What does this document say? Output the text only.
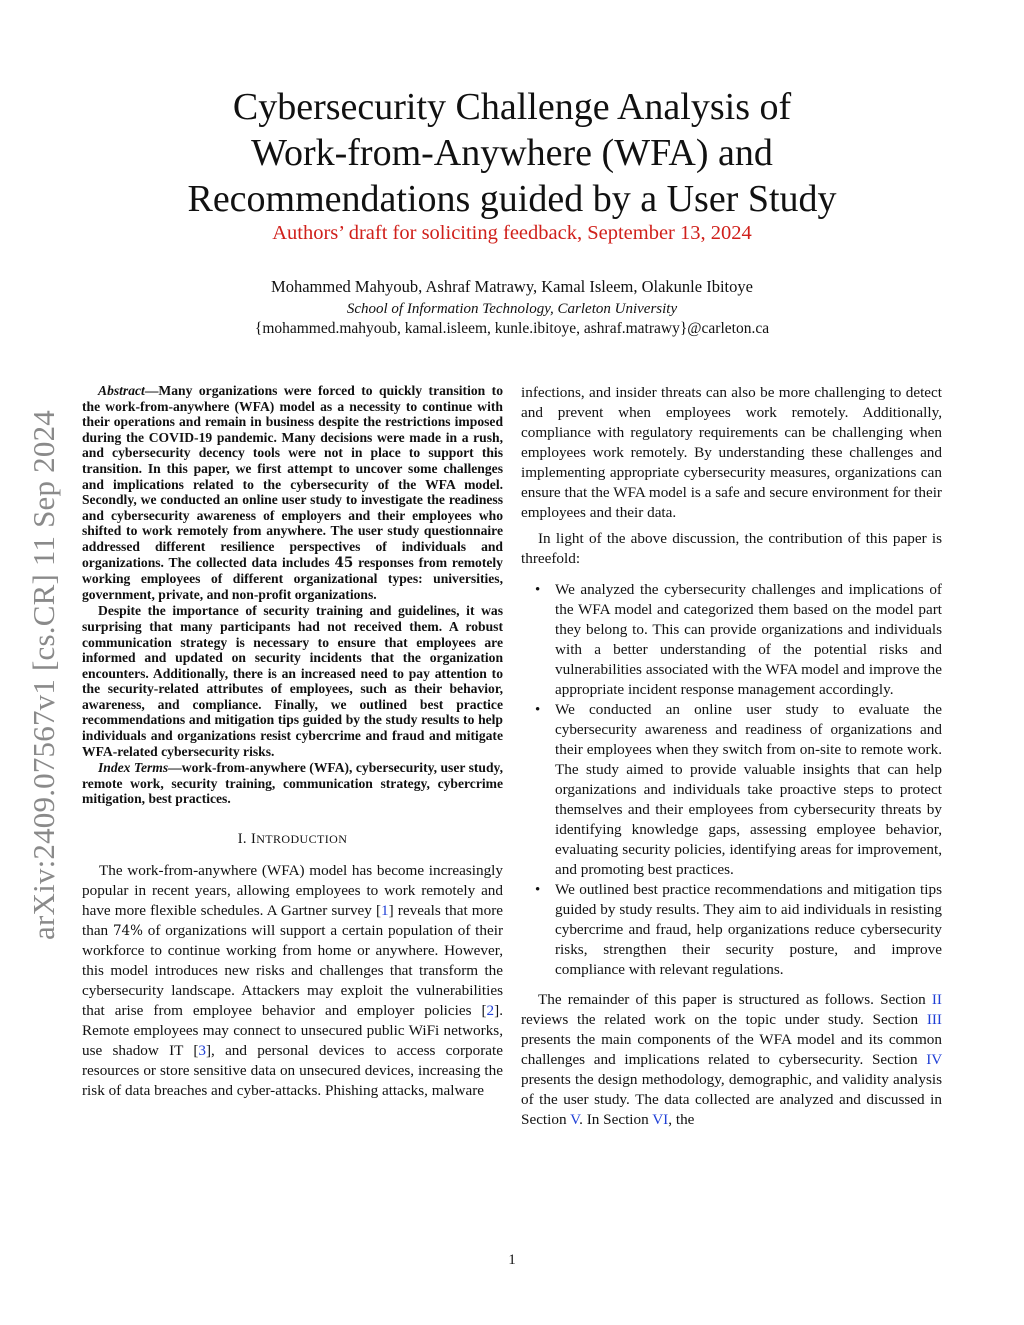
Cybersecurity Challenge Analysis of
Work-from-Anywhere (WFA) and
Recommendations guided by a User Study
Authors’ draft for soliciting feedback, September 13, 2024
Mohammed Mahyoub, Ashraf Matrawy, Kamal Isleem, Olakunle Ibitoye
School of Information Technology, Carleton University
{mohammed.mahyoub, kamal.isleem, kunle.ibitoye, ashraf.matrawy}@carleton.ca
arXiv:2409.07567v1 [cs.CR] 11 Sep 2024

Abstract—Many organizations were forced to quickly transition to the work-from-anywhere (WFA) model as a necessity to continue with their operations and remain in business despite the restrictions imposed during the COVID-19 pandemic. Many decisions were made in a rush, and cybersecurity decency tools were not in place to support this transition. In this paper, we first attempt to uncover some challenges and implications related to the cybersecurity of the WFA model. Secondly, we conducted an online user study to investigate the readiness and cybersecurity awareness of employers and their employees who shifted to work remotely from anywhere. The user study questionnaire addressed different resilience perspectives of individuals and organizations. The collected data includes 45 responses from remotely working employees of different organizational types: universities, government, private, and non-profit organizations.

Despite the importance of security training and guidelines, it was surprising that many participants had not received them. A robust communication strategy is necessary to ensure that employees are informed and updated on security incidents that the organization encounters. Additionally, there is an increased need to pay attention to the security-related attributes of employees, such as their behavior, awareness, and compliance. Finally, we outlined best practice recommendations and mitigation tips guided by the study results to help individuals and organizations resist cybercrime and fraud and mitigate WFA-related cybersecurity risks.

Index Terms—work-from-anywhere (WFA), cybersecurity, user study, remote work, security training, communication strategy, cybercrime mitigation, best practices.

I. INTRODUCTION

The work-from-anywhere (WFA) model has become increasingly popular in recent years, allowing employees to work remotely and have more flexible schedules. A Gartner survey [1] reveals that more than 74% of organizations will support a certain population of their workforce to continue working from home or anywhere. However, this model introduces new risks and challenges that transform the cybersecurity landscape. Attackers may exploit the vulnerabilities that arise from employee behavior and employer policies [2]. Remote employees may connect to unsecured public WiFi networks, use shadow IT [3], and personal devices to access corporate resources or store sensitive data on unsecured devices, increasing the risk of data breaches and cyber-attacks. Phishing attacks, malware

infections, and insider threats can also be more challenging to detect and prevent when employees work remotely. Additionally, compliance with regulatory requirements can be challenging when employees work remotely. By understanding these challenges and implementing appropriate cybersecurity measures, organizations can ensure that the WFA model is a safe and secure environment for their employees and their data.

In light of the above discussion, the contribution of this paper is threefold:

• We analyzed the cybersecurity challenges and implications of the WFA model and categorized them based on the model part they belong to. This can provide organizations and individuals with a better understanding of the potential risks and vulnerabilities associated with the WFA model and improve the appropriate incident response management accordingly.
• We conducted an online user study to evaluate the cybersecurity awareness and readiness of organizations and their employees when they switch from on-site to remote work. The study aimed to provide valuable insights that can help organizations and individuals take proactive steps to protect themselves and their employees from cybersecurity threats by identifying knowledge gaps, assessing employee behavior, evaluating security policies, identifying areas for improvement, and promoting best practices.
• We outlined best practice recommendations and mitigation tips guided by study results. They aim to aid individuals in resisting cybercrime and fraud, help organizations reduce cybersecurity risks, strengthen their security posture, and improve compliance with relevant regulations.

The remainder of this paper is structured as follows. Section II reviews the related work on the topic under study. Section III presents the main components of the WFA model and its common challenges and implications related to cybersecurity. Section IV presents the design methodology, demographic, and validity analysis of the user study. The data collected are analyzed and discussed in Section V. In Section VI, the

1
